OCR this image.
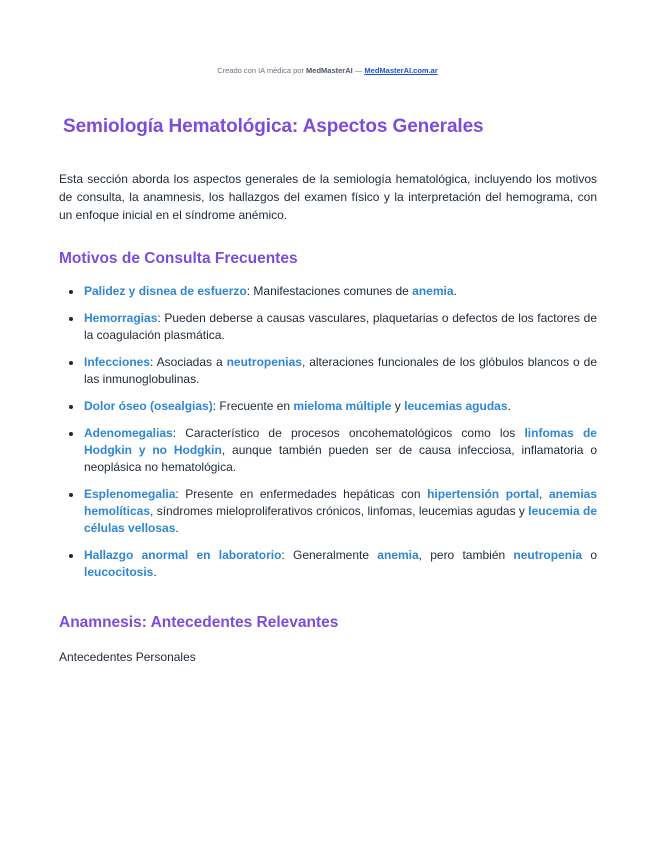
Creado con IA médica por MedMasterAI — MedMasterAI.com.ar
Semiología Hematológica: Aspectos Generales

Esta sección aborda los aspectos generales de la semiología hematológica, incluyendo los motivos de consulta, la anamnesis, los hallazgos del examen físico y la interpretación del hemograma, con un enfoque inicial en el síndrome anémico.

Motivos de Consulta Frecuentes
Palidez y disnea de esfuerzo: Manifestaciones comunes de anemia.
Hemorragias: Pueden deberse a causas vasculares, plaquetarias o defectos de los factores de la coagulación plasmática.
Infecciones: Asociadas a neutropenias, alteraciones funcionales de los glóbulos blancos o de las inmunoglobulinas.
Dolor óseo (osealgias): Frecuente en mieloma múltiple y leucemias agudas.
Adenomegalias: Característico de procesos oncohematológicos como los linfomas de Hodgkin y no Hodgkin, aunque también pueden ser de causa infecciosa, inflamatoria o neoplásica no hematológica.
Esplenomegalia: Presente en enfermedades hepáticas con hipertensión portal, anemias hemolíticas, síndromes mieloproliferativos crónicos, linfomas, leucemias agudas y leucemia de células vellosas.
Hallazgo anormal en laboratorio: Generalmente anemia, pero también neutropenia o leucocitosis.
Anamnesis: Antecedentes Relevantes

Antecedentes Personales
